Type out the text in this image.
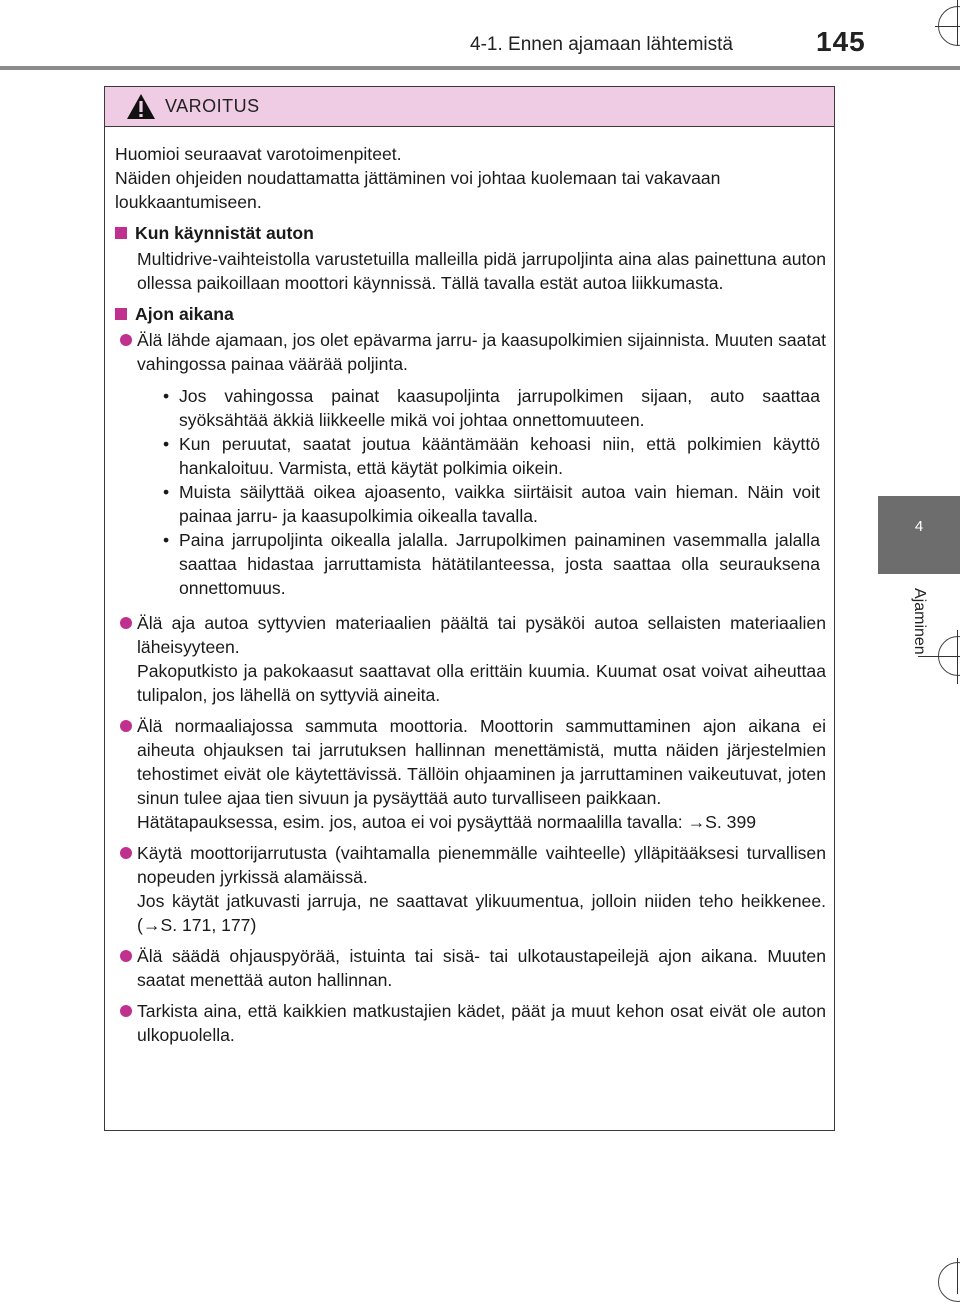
4-1. Ennen ajamaan lähtemistä	145
4
Ajaminen
VAROITUS

Huomioi seuraavat varotoimenpiteet.

Näiden ohjeiden noudattamatta jättäminen voi johtaa kuolemaan tai vakavaan loukkaantumiseen.

Kun käynnistät auton

Multidrive-vaihteistolla varustetuilla malleilla pidä jarrupoljinta aina alas painettuna auton ollessa paikoillaan moottori käynnissä. Tällä tavalla estät autoa liikkumasta.

Ajon aikana
Älä lähde ajamaan, jos olet epävarma jarru- ja kaasupolkimien sijainnista. Muuten saatat vahingossa painaa väärää poljinta.
• Jos vahingossa painat kaasupoljinta jarrupolkimen sijaan, auto saattaa syöksähtää äkkiä liikkeelle mikä voi johtaa onnettomuuteen.
• Kun peruutat, saatat joutua kääntämään kehoasi niin, että polkimien käyttö hankaloituu. Varmista, että käytät polkimia oikein.
• Muista säilyttää oikea ajoasento, vaikka siirtäisit autoa vain hieman. Näin voit painaa jarru- ja kaasupolkimia oikealla tavalla.
• Paina jarrupoljinta oikealla jalalla. Jarrupolkimen painaminen vasemmalla jalalla saattaa hidastaa jarruttamista hätätilanteessa, josta saattaa olla seurauksena onnettomuus.
Älä aja autoa syttyvien materiaalien päältä tai pysäköi autoa sellaisten materiaalien läheisyyteen.
Pakoputkisto ja pakokaasut saattavat olla erittäin kuumia. Kuumat osat voivat aiheuttaa tulipalon, jos lähellä on syttyviä aineita.
Älä normaaliajossa sammuta moottoria. Moottorin sammuttaminen ajon aikana ei aiheuta ohjauksen tai jarrutuksen hallinnan menettämistä, mutta näiden järjestelmien tehostimet eivät ole käytettävissä. Tällöin ohjaaminen ja jarruttaminen vaikeutuvat, joten sinun tulee ajaa tien sivuun ja pysäyttää auto turvalliseen paikkaan.
Hätätapauksessa, esim. jos, autoa ei voi pysäyttää normaalilla tavalla: →S. 399
Käytä moottorijarrutusta (vaihtamalla pienemmälle vaihteelle) ylläpitääksesi turvallisen nopeuden jyrkissä alamäissä.
Jos käytät jatkuvasti jarruja, ne saattavat ylikuumentua, jolloin niiden teho heikkenee. (→S. 171, 177)
Älä säädä ohjauspyörää, istuinta tai sisä- tai ulkotaustapeilejä ajon aikana. Muuten saatat menettää auton hallinnan.
Tarkista aina, että kaikkien matkustajien kädet, päät ja muut kehon osat eivät ole auton ulkopuolella.
